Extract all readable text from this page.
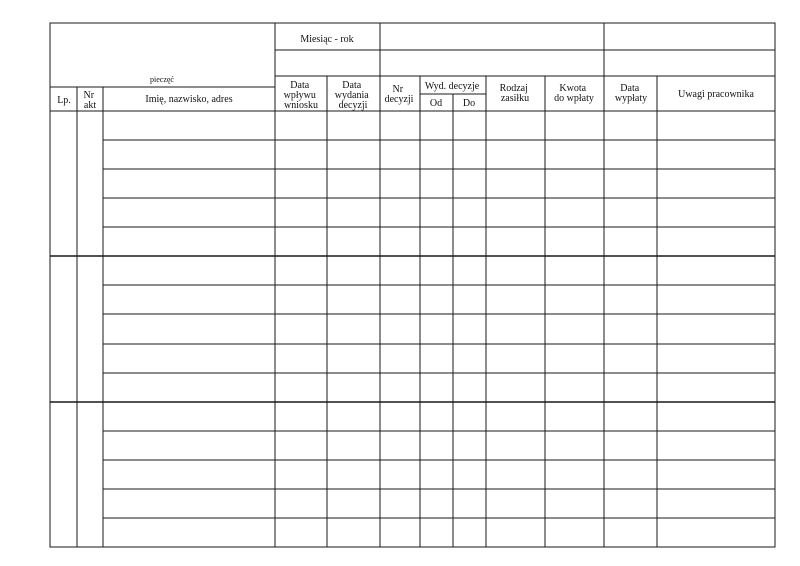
pieczęć
Miesiąc - rok
Lp. Nr akt
Imię, nazwisko, adres
Data wpływu wniosku
Data wydania decyzji
Nr decyzji
Wyd. decyzje
Od Do
Rodzaj zasiłku
Kwota do wpłaty
Data wypłaty	Uwagi pracownika
